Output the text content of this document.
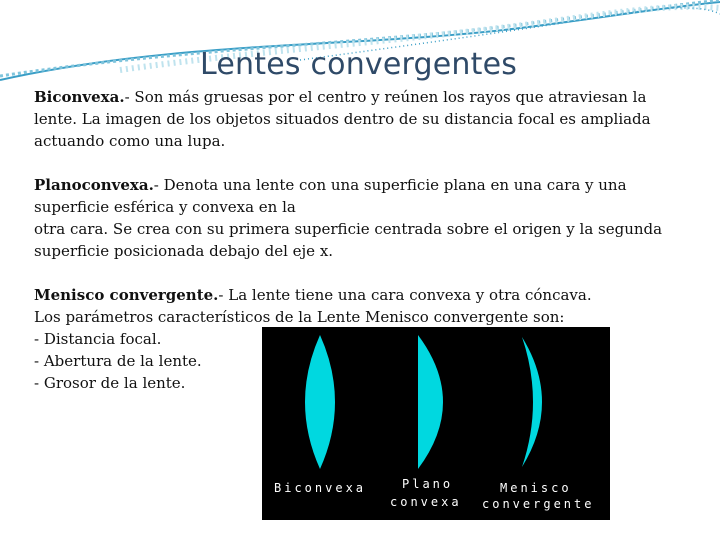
Lentes convergentes

Biconvexa.- Son más gruesas por el centro y reúnen los rayos que atraviesan la
lente. La imagen de los objetos situados dentro de su distancia focal es ampliada
actuando como una lupa.

Planoconvexa.- Denota una lente con una superficie plana en una cara y una
superficie esférica y convexa en la
otra cara. Se crea con su primera superficie centrada sobre el origen y la segunda
superficie posicionada debajo del eje x.

Menisco convergente.- La lente tiene una cara convexa y otra cóncava.
Los parámetros característicos de la Lente Menisco convergente son:
- Distancia focal.
- Abertura de la lente.
- Grosor de la lente.

Biconvexa	Plano
convexa
Menisco
convergente
